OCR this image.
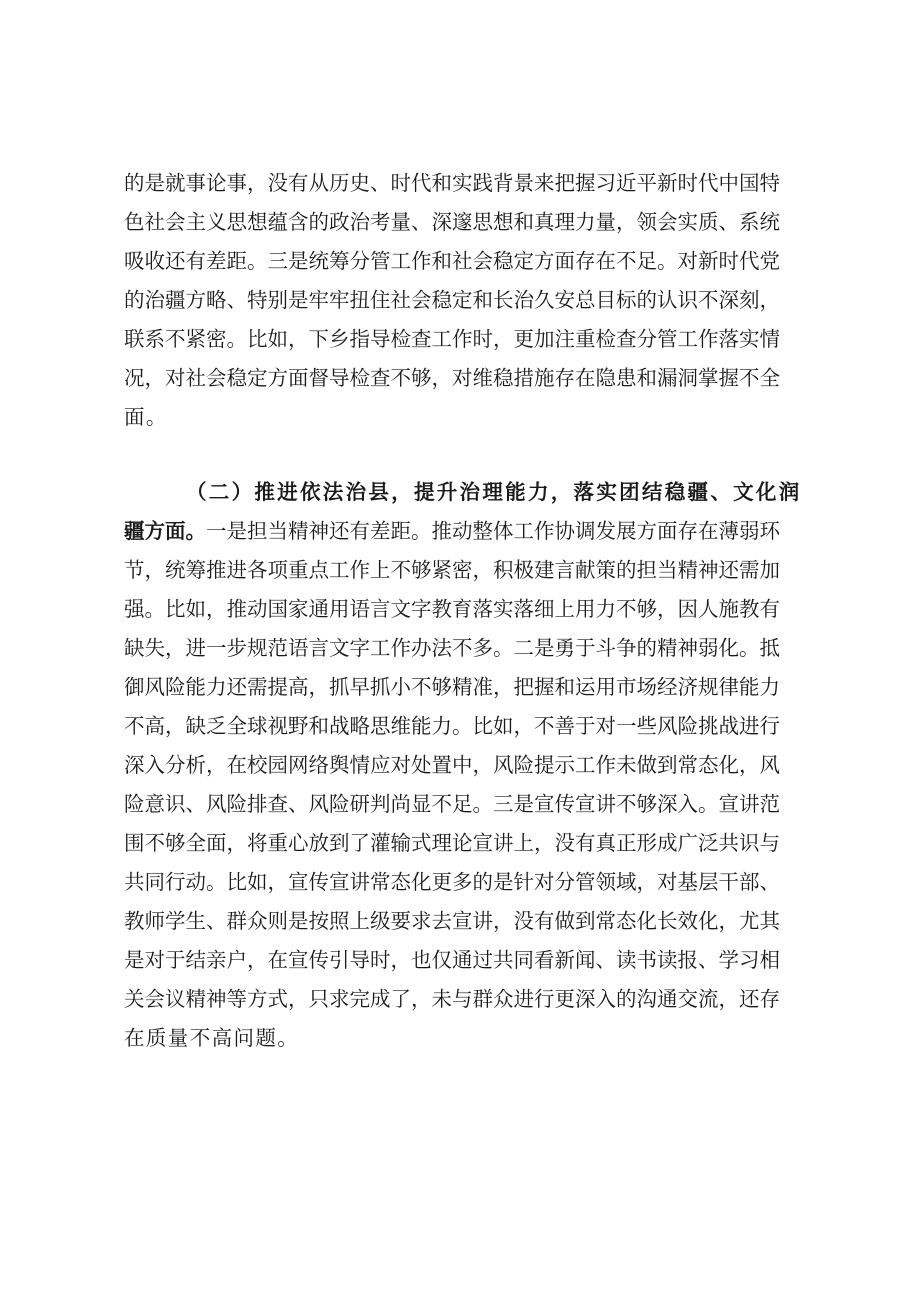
的是就事论事，没有从历史、时代和实践背景来把握习近平新时代中国特
色社会主义思想蕴含的政治考量、深邃思想和真理力量，领会实质、系统
吸收还有差距。三是统筹分管工作和社会稳定方面存在不足。对新时代党
的治疆方略、特别是牢牢扭住社会稳定和长治久安总目标的认识不深刻，
联系不紧密。比如，下乡指导检查工作时，更加注重检查分管工作落实情
况，对社会稳定方面督导检查不够，对维稳措施存在隐患和漏洞掌握不全
面。
（二）推进依法治县，提升治理能力，落实团结稳疆、文化润
疆方面。一是担当精神还有差距。推动整体工作协调发展方面存在薄弱环
节，统筹推进各项重点工作上不够紧密，积极建言献策的担当精神还需加
强。比如，推动国家通用语言文字教育落实落细上用力不够，因人施教有
缺失，进一步规范语言文字工作办法不多。二是勇于斗争的精神弱化。抵
御风险能力还需提高，抓早抓小不够精准，把握和运用市场经济规律能力
不高，缺乏全球视野和战略思维能力。比如，不善于对一些风险挑战进行
深入分析，在校园网络舆情应对处置中，风险提示工作未做到常态化，风
险意识、风险排查、风险研判尚显不足。三是宣传宣讲不够深入。宣讲范
围不够全面，将重心放到了灌输式理论宣讲上，没有真正形成广泛共识与
共同行动。比如，宣传宣讲常态化更多的是针对分管领域，对基层干部、
教师学生、群众则是按照上级要求去宣讲，没有做到常态化长效化，尤其
是对于结亲户，在宣传引导时，也仅通过共同看新闻、读书读报、学习相
关会议精神等方式，只求完成了，未与群众进行更深入的沟通交流，还存
在质量不高问题。
